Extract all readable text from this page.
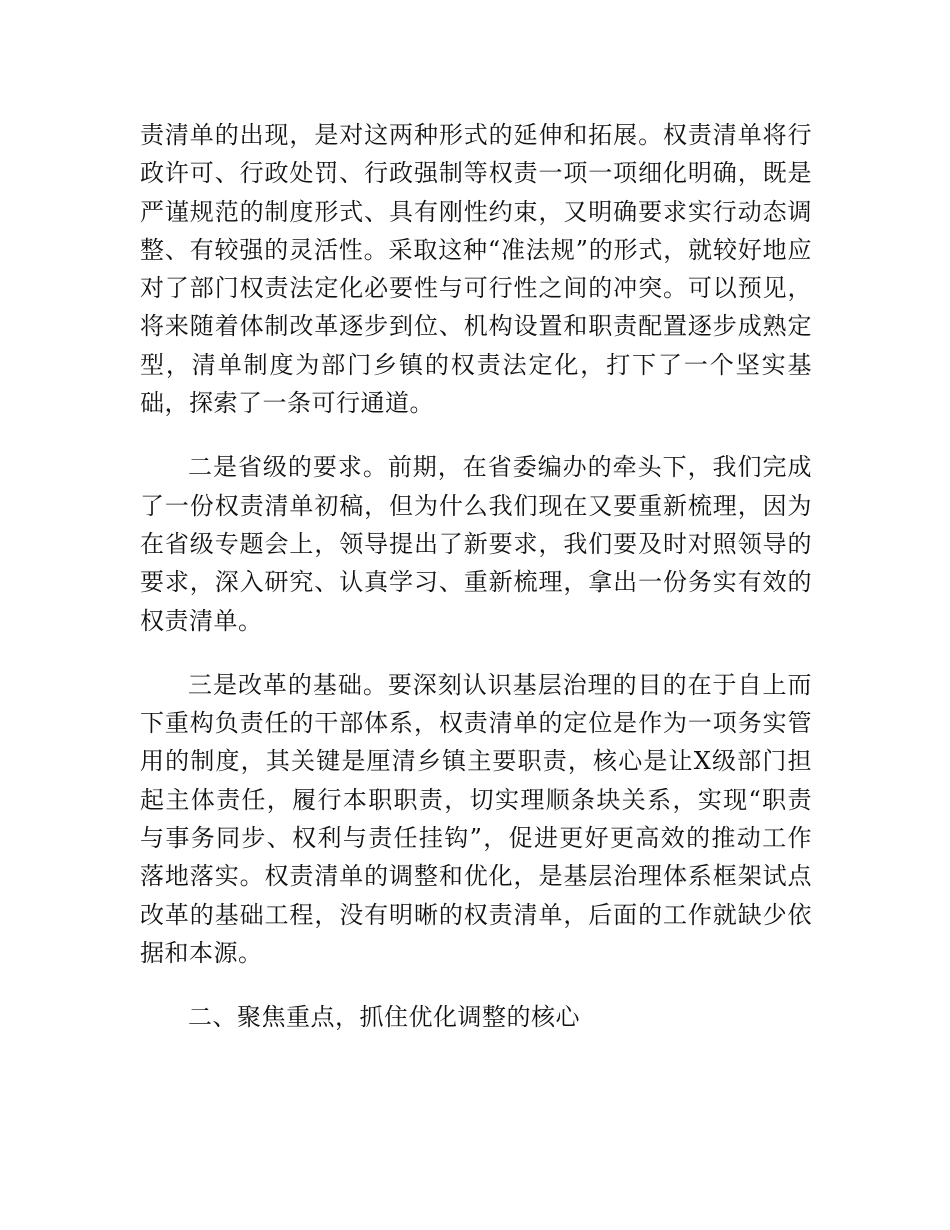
责清单的出现，是对这两种形式的延伸和拓展。权责清单将行政许可、行政处罚、行政强制等权责一项一项细化明确，既是严谨规范的制度形式、具有刚性约束，又明确要求实行动态调整、有较强的灵活性。采取这种“准法规”的形式，就较好地应对了部门权责法定化必要性与可行性之间的冲突。可以预见，将来随着体制改革逐步到位、机构设置和职责配置逐步成熟定型，清单制度为部门乡镇的权责法定化，打下了一个坚实基础，探索了一条可行通道。

二是省级的要求。前期，在省委编办的牵头下，我们完成了一份权责清单初稿，但为什么我们现在又要重新梳理，因为在省级专题会上，领导提出了新要求，我们要及时对照领导的要求，深入研究、认真学习、重新梳理，拿出一份务实有效的权责清单。

三是改革的基础。要深刻认识基层治理的目的在于自上而下重构负责任的干部体系，权责清单的定位是作为一项务实管用的制度，其关键是厘清乡镇主要职责，核心是让X级部门担起主体责任，履行本职职责，切实理顺条块关系，实现“职责与事务同步、权利与责任挂钩”，促进更好更高效的推动工作落地落实。权责清单的调整和优化，是基层治理体系框架试点改革的基础工程，没有明晰的权责清单，后面的工作就缺少依据和本源。

二、聚焦重点，抓住优化调整的核心
